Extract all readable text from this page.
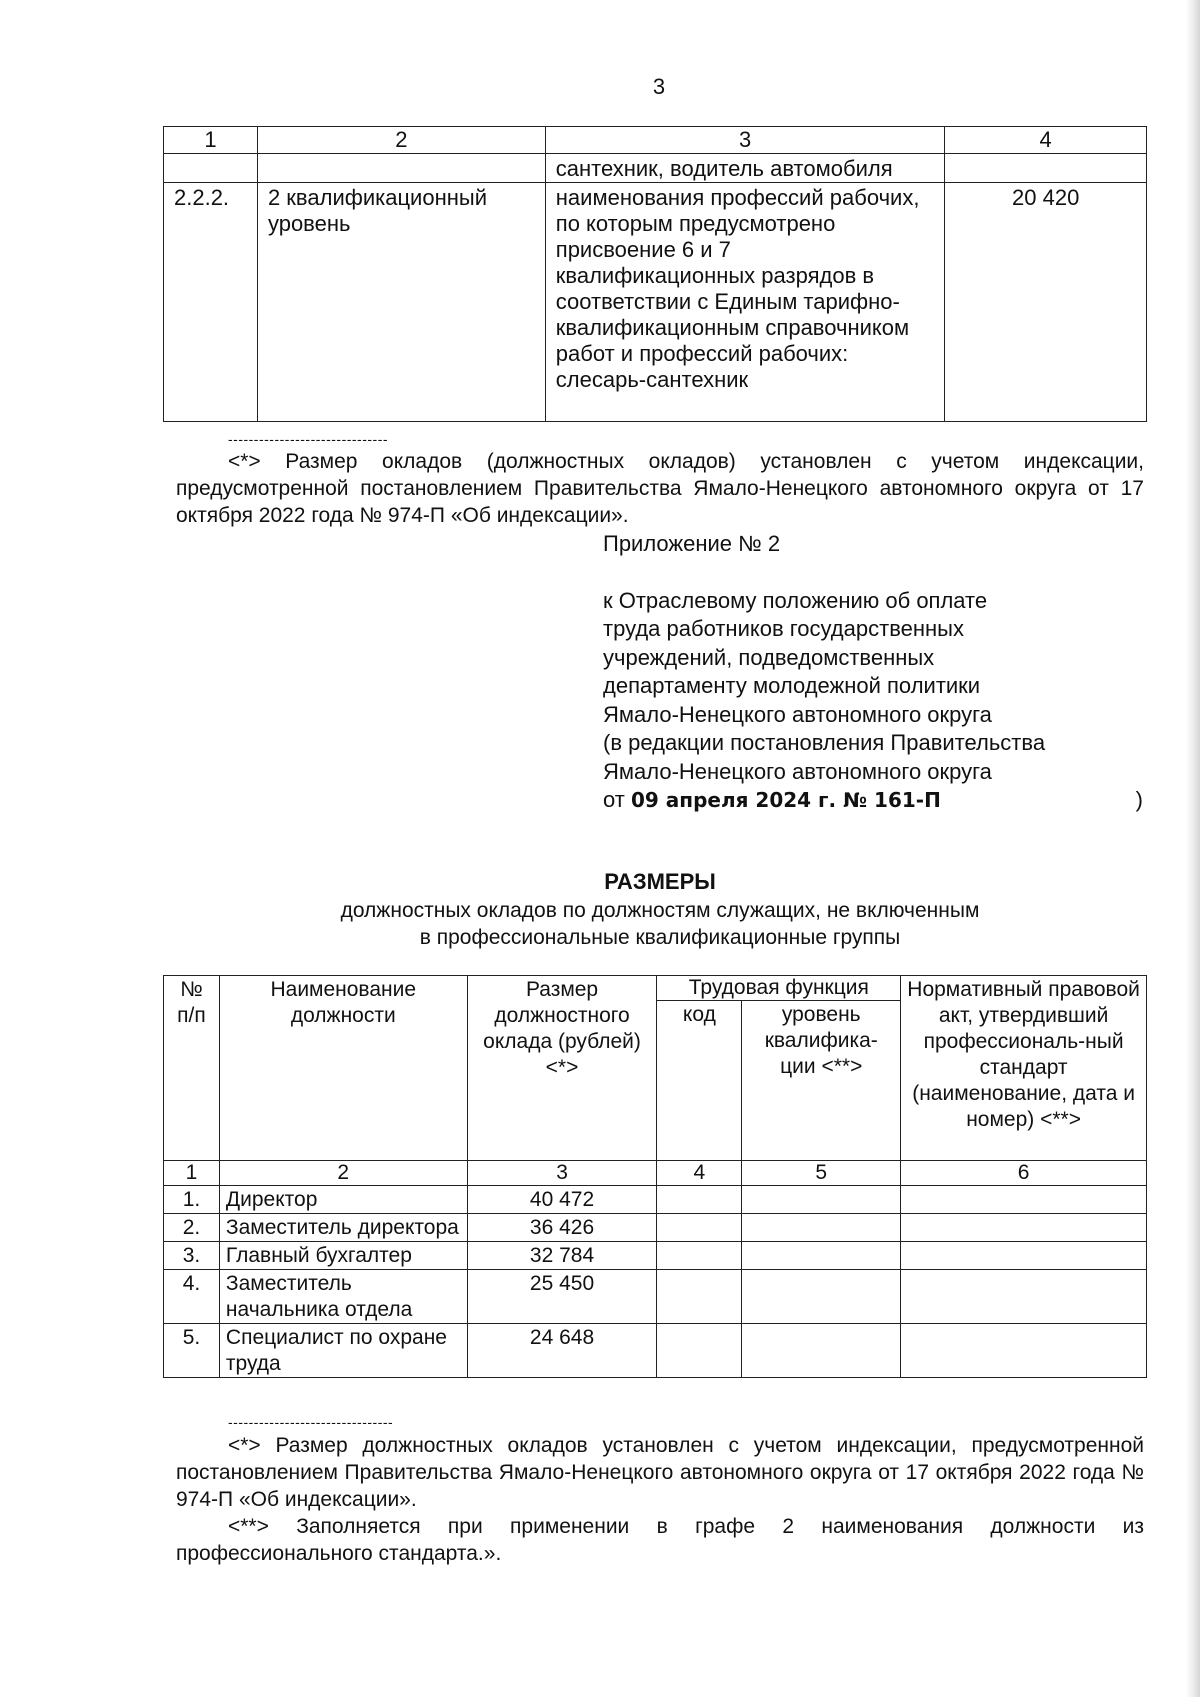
3
1	2	3	4
		сантехник, водитель автомобиля	
2.2.2.	2 квалификационный уровень	наименования профессий рабочих, по которым предусмотрено присвоение 6 и 7 квалификационных разрядов в соответствии с Единым тарифно-квалификационным справочником работ и профессий рабочих: слесарь-сантехник	20 420
-------------------------------

<*> Размер окладов (должностных окладов) установлен с учетом индексации, предусмотренной постановлением Правительства Ямало-Ненецкого автономного округа от 17 октября 2022 года № 974-П «Об индексации».

Приложение № 2
к Отраслевому положению об оплате
труда работников государственных
учреждений, подведомственных
департаменту молодежной политики
Ямало-Ненецкого автономного округа
(в редакции постановления Правительства
Ямало-Ненецкого автономного округа
от 09 апреля 2024 г. № 161-П	)
РАЗМЕРЫ
должностных окладов по должностям служащих, не включенным
в профессиональные квалификационные группы
№ п/п	Наименование должности	Размер должностного оклада (рублей) <*>	Трудовая функция		Нормативный правовой акт, утвердивший профессиональ-ный стандарт (наименование, дата и номер) <**>
			код	уровень квалифика-ции <**>	
1	2	3	4	5	6
1.	Директор	40 472			
2.	Заместитель директора	36 426			
3.	Главный бухгалтер	32 784			
4.	Заместитель начальника отдела	25 450			
5.	Специалист по охране труда	24 648			
--------------------------------

<*> Размер должностных окладов установлен с учетом индексации, предусмотренной постановлением Правительства Ямало-Ненецкого автономного округа от 17 октября 2022 года № 974-П «Об индексации».

<**> Заполняется при применении в графе 2 наименования должности из профессионального стандарта.».
